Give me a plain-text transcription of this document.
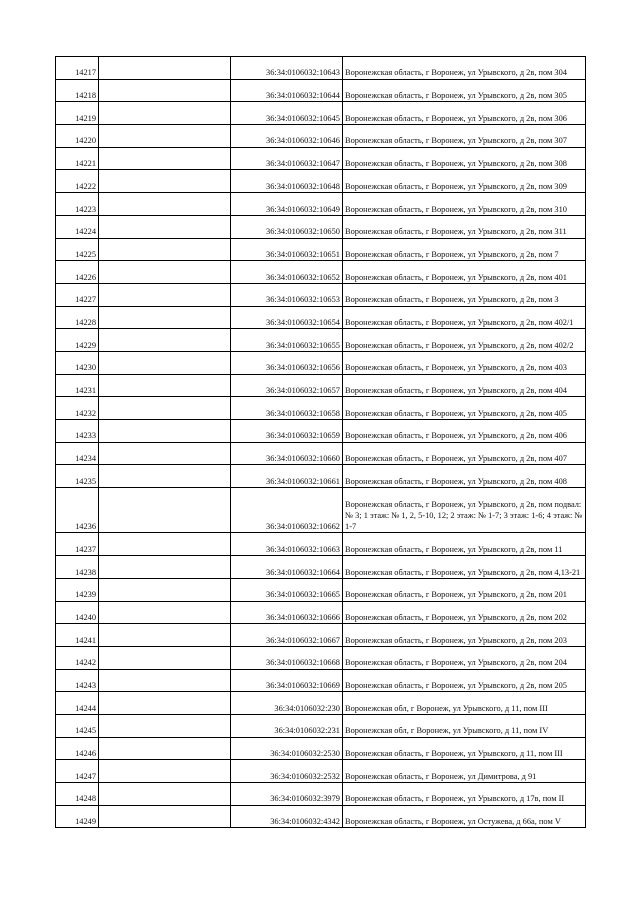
14217		36:34:0106032:10643	Воронежская область, г Воронеж, ул Урывского, д 2в, пом 304
14218		36:34:0106032:10644	Воронежская область, г Воронеж, ул Урывского, д 2в, пом 305
14219		36:34:0106032:10645	Воронежская область, г Воронеж, ул Урывского, д 2в, пом 306
14220		36:34:0106032:10646	Воронежская область, г Воронеж, ул Урывского, д 2в, пом 307
14221		36:34:0106032:10647	Воронежская область, г Воронеж, ул Урывского, д 2в, пом 308
14222		36:34:0106032:10648	Воронежская область, г Воронеж, ул Урывского, д 2в, пом 309
14223		36:34:0106032:10649	Воронежская область, г Воронеж, ул Урывского, д 2в, пом 310
14224		36:34:0106032:10650	Воронежская область, г Воронеж, ул Урывского, д 2в, пом 311
14225		36:34:0106032:10651	Воронежская область, г Воронеж, ул Урывского, д 2в, пом 7
14226		36:34:0106032:10652	Воронежская область, г Воронеж, ул Урывского, д 2в, пом 401
14227		36:34:0106032:10653	Воронежская область, г Воронеж, ул Урывского, д 2в, пом 3
14228		36:34:0106032:10654	Воронежская область, г Воронеж, ул Урывского, д 2в, пом 402/1
14229		36:34:0106032:10655	Воронежская область, г Воронеж, ул Урывского, д 2в, пом 402/2
14230		36:34:0106032:10656	Воронежская область, г Воронеж, ул Урывского, д 2в, пом 403
14231		36:34:0106032:10657	Воронежская область, г Воронеж, ул Урывского, д 2в, пом 404
14232		36:34:0106032:10658	Воронежская область, г Воронеж, ул Урывского, д 2в, пом 405
14233		36:34:0106032:10659	Воронежская область, г Воронеж, ул Урывского, д 2в, пом 406
14234		36:34:0106032:10660	Воронежская область, г Воронеж, ул Урывского, д 2в, пом 407
14235		36:34:0106032:10661	Воронежская область, г Воронеж, ул Урывского, д 2в, пом 408
14236		36:34:0106032:10662	Воронежская область, г Воронеж, ул Урывского, д 2в, пом подвал: № 3; 1 этаж: № 1, 2, 5-10, 12; 2 этаж: № 1-7; 3 этаж: 1-6; 4 этаж: № 1-7
14237		36:34:0106032:10663	Воронежская область, г Воронеж, ул Урывского, д 2в, пом 11
14238		36:34:0106032:10664	Воронежская область, г Воронеж, ул Урывского, д 2в, пом 4,13-21
14239		36:34:0106032:10665	Воронежская область, г Воронеж, ул Урывского, д 2в, пом 201
14240		36:34:0106032:10666	Воронежская область, г Воронеж, ул Урывского, д 2в, пом 202
14241		36:34:0106032:10667	Воронежская область, г Воронеж, ул Урывского, д 2в, пом 203
14242		36:34:0106032:10668	Воронежская область, г Воронеж, ул Урывского, д 2в, пом 204
14243		36:34:0106032:10669	Воронежская область, г Воронеж, ул Урывского, д 2в, пом 205
14244		36:34:0106032:230	Воронежская обл, г Воронеж, ул Урывского, д 11, пом III
14245		36:34:0106032:231	Воронежская обл, г Воронеж, ул Урывского, д 11, пом IV
14246		36:34:0106032:2530	Воронежская область, г Воронеж, ул Урывского, д 11, пом III
14247		36:34:0106032:2532	Воронежская область, г Воронеж, ул Димитрова, д 91
14248		36:34:0106032:3979	Воронежская область, г Воронеж, ул Урывского, д 17в, пом II
14249		36:34:0106032:4342	Воронежская область, г Воронеж, ул Остужева, д 66а, пом V
